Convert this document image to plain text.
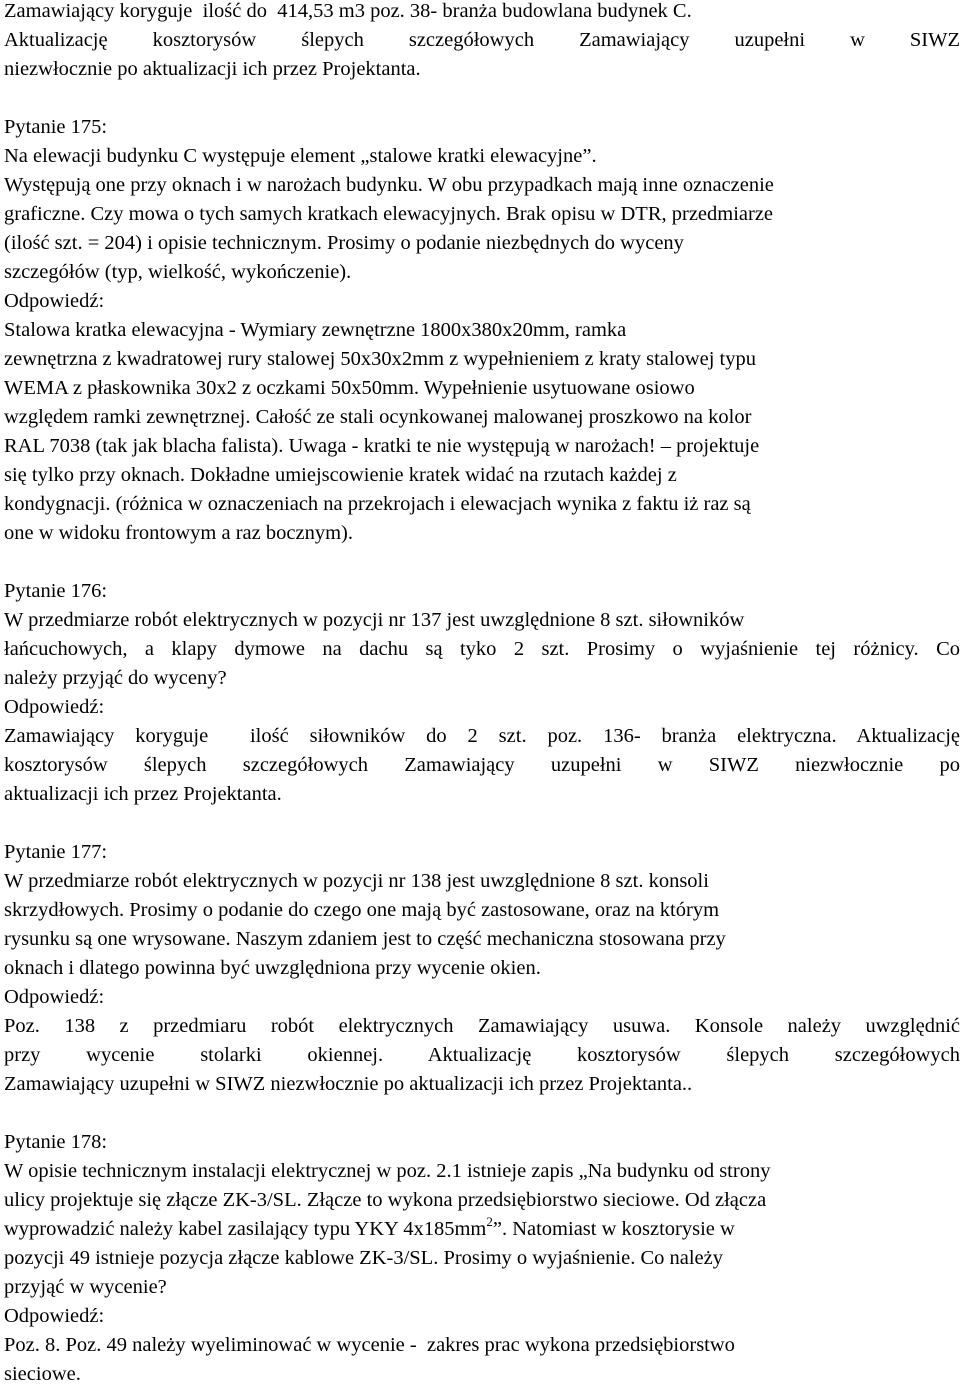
Zamawiający koryguje  ilość do  414,53 m3 poz. 38- branża budowlana budynek C.
Aktualizację kosztorysów ślepych szczegółowych Zamawiający uzupełni w SIWZ
niezwłocznie po aktualizacji ich przez Projektanta.
Pytanie 175:
Na elewacji budynku C występuje element „stalowe kratki elewacyjne”.
Występują one przy oknach i w narożach budynku. W obu przypadkach mają inne oznaczenie
graficzne. Czy mowa o tych samych kratkach elewacyjnych. Brak opisu w DTR, przedmiarze
(ilość szt. = 204) i opisie technicznym. Prosimy o podanie niezbędnych do wyceny
szczegółów (typ, wielkość, wykończenie).
Odpowiedź:
Stalowa kratka elewacyjna - Wymiary zewnętrzne 1800x380x20mm, ramka
zewnętrzna z kwadratowej rury stalowej 50x30x2mm z wypełnieniem z kraty stalowej typu
WEMA z płaskownika 30x2 z oczkami 50x50mm. Wypełnienie usytuowane osiowo
względem ramki zewnętrznej. Całość ze stali ocynkowanej malowanej proszkowo na kolor
RAL 7038 (tak jak blacha falista). Uwaga - kratki te nie występują w narożach! – projektuje
się tylko przy oknach. Dokładne umiejscowienie kratek widać na rzutach każdej z
kondygnacji. (różnica w oznaczeniach na przekrojach i elewacjach wynika z faktu iż raz są
one w widoku frontowym a raz bocznym).
Pytanie 176:
W przedmiarze robót elektrycznych w pozycji nr 137 jest uwzględnione 8 szt. siłowników
łańcuchowych, a klapy dymowe na dachu są tyko 2 szt. Prosimy o wyjaśnienie tej różnicy. Co
należy przyjąć do wyceny?
Odpowiedź:
Zamawiający koryguje  ilość siłowników do 2 szt. poz. 136- branża elektryczna. Aktualizację
kosztorysów ślepych szczegółowych Zamawiający uzupełni w SIWZ niezwłocznie po
aktualizacji ich przez Projektanta.
Pytanie 177:
W przedmiarze robót elektrycznych w pozycji nr 138 jest uwzględnione 8 szt. konsoli
skrzydłowych. Prosimy o podanie do czego one mają być zastosowane, oraz na którym
rysunku są one wrysowane. Naszym zdaniem jest to część mechaniczna stosowana przy
oknach i dlatego powinna być uwzględniona przy wycenie okien.
Odpowiedź:
Poz. 138 z przedmiaru robót elektrycznych Zamawiający usuwa. Konsole należy uwzględnić
przy wycenie stolarki okiennej. Aktualizację kosztorysów ślepych szczegółowych
Zamawiający uzupełni w SIWZ niezwłocznie po aktualizacji ich przez Projektanta..
Pytanie 178:
W opisie technicznym instalacji elektrycznej w poz. 2.1 istnieje zapis „Na budynku od strony
ulicy projektuje się złącze ZK-3/SL. Złącze to wykona przedsiębiorstwo sieciowe. Od złącza
wyprowadzić należy kabel zasilający typu YKY $4x185mm^2$”. Natomiast w kosztorysie w
pozycji 49 istnieje pozycja złącze kablowe ZK-3/SL. Prosimy o wyjaśnienie. Co należy
przyjąć w wycenie?
Odpowiedź:
Poz. 8. Poz. 49 należy wyeliminować w wycenie -  zakres prac wykona przedsiębiorstwo
sieciowe.
